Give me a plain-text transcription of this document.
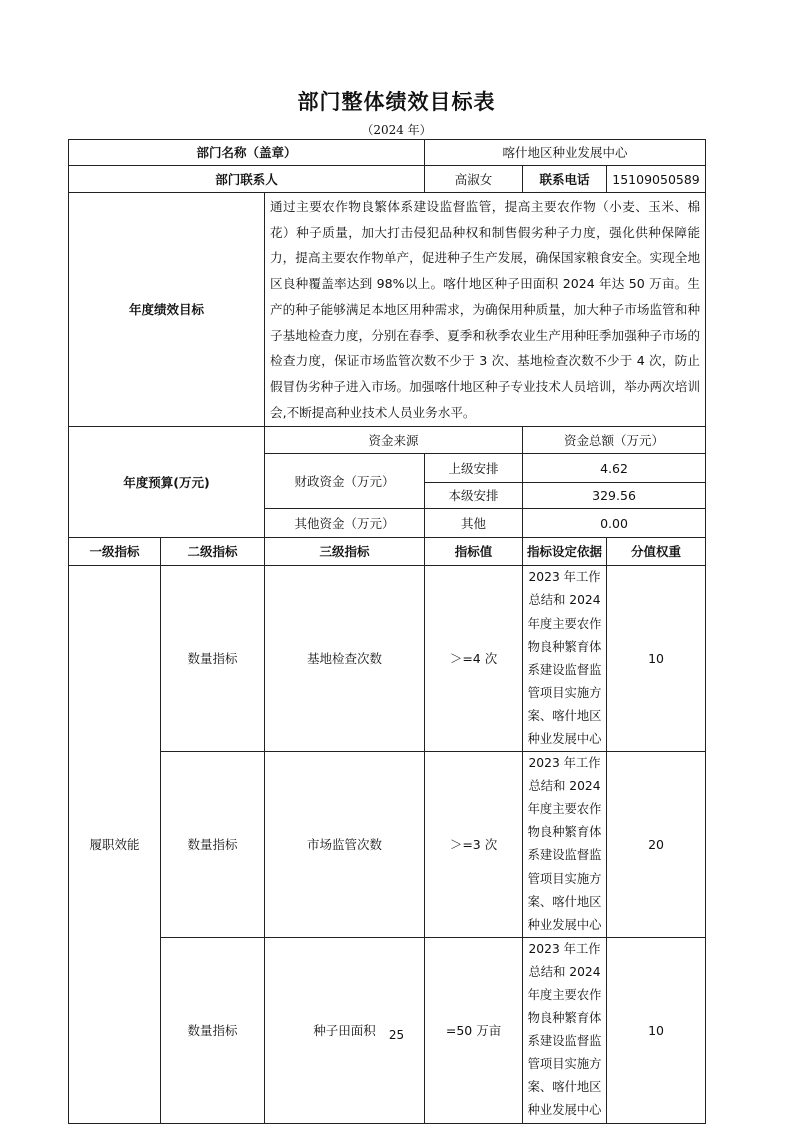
部门整体绩效目标表
（2024 年）
部门名称（盖章）			喀什地区种业发展中心		
部门联系人			高淑女	联系电话	15109050589
年度绩效目标		通过主要农作物良繁体系建设监督监管，提高主要农作物（小麦、玉米、棉花）种子质量，加大打击侵犯品种权和制售假劣种子力度，强化供种保障能力，提高主要农作物单产，促进种子生产发展，确保国家粮食安全。实现全地区良种覆盖率达到 98%以上。喀什地区种子田面积 2024 年达 50 万亩。生产的种子能够满足本地区用种需求，为确保用种质量，加大种子市场监管和种子基地检查力度，分别在春季、夏季和秋季农业生产用种旺季加强种子市场的检查力度，保证市场监管次数不少于 3 次、基地检查次数不少于 4 次，防止假冒伪劣种子进入市场。加强喀什地区种子专业技术人员培训，举办两次培训会,不断提高种业技术人员业务水平。			
年度预算(万元)		资金来源		资金总额（万元）	
		财政资金（万元）	上级安排	4.62	
			本级安排	329.56	
		其他资金（万元）	其他	0.00	
一级指标	二级指标	三级指标	指标值	指标设定依据	分值权重
履职效能	数量指标	基地检查次数	＞=4 次	2023 年工作总结和 2024 年度主要农作物良种繁育体系建设监督监管项目实施方案、喀什地区种业发展中心	10
	数量指标	市场监管次数	＞=3 次	2023 年工作总结和 2024 年度主要农作物良种繁育体系建设监督监管项目实施方案、喀什地区种业发展中心	20
	数量指标	种子田面积	=50 万亩	2023 年工作总结和 2024 年度主要农作物良种繁育体系建设监督监管项目实施方案、喀什地区种业发展中心	10
25
